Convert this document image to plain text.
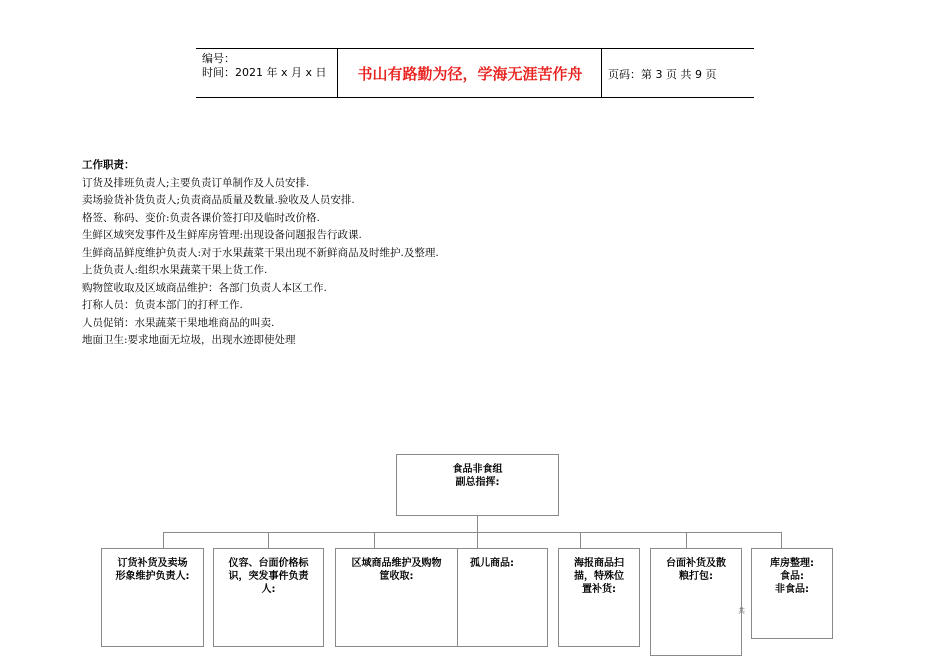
编号：
时间：2021 年 x 月 x 日	书山有路勤为径，学海无涯苦作舟	页码：第 3 页 共 9 页
工作职责：
订货及排班负责人;主要负责订单制作及人员安排.
卖场验货补货负责人;负责商品质量及数量.验收及人员安排.
格签、称码、变价:负责各课价签打印及临时改价格.
生鲜区域突发事件及生鲜库房管理:出现设备问题报告行政课.
生鲜商品鲜度维护负责人:对于水果蔬菜干果出现不新鲜商品及时维护.及整理.
上货负责人:组织水果蔬菜干果上货工作.
购物筐收取及区域商品维护：各部门负责人本区工作.
打称人员：负责本部门的打秤工作.
人员促销：水果蔬菜干果地堆商品的叫卖.
地面卫生:要求地面无垃圾，出现水迹即使处理
食品非食组
副总指挥:
订货补货及卖场
形象维护负责人:
仪容、台面价格标
识，突发事件负责
人:
区域商品维护及购物
筐收取:
孤儿商品:	海报商品扫
描，特殊位
置补货:
台面补货及散
粮打包:
共
库房整理:
食品:
非食品:
